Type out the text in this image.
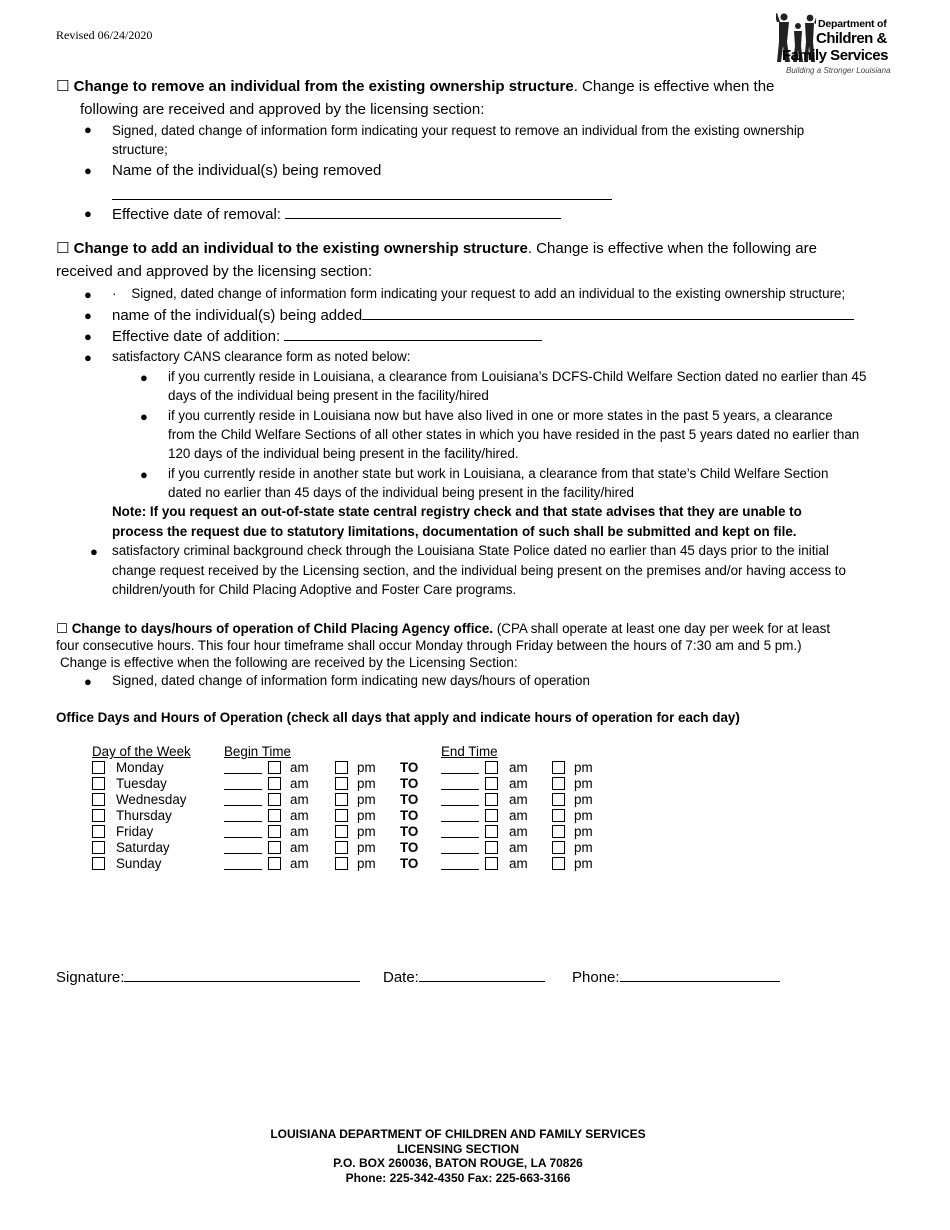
Revised 06/24/2020
Department of
Children &
Family Services
Building a Stronger Louisiana
☐ Change to remove an individual from the existing ownership structure. Change is effective when the
following are received and approved by the licensing section:
● Signed, dated change of information form indicating your request to remove an individual from the existing ownership
structure;
● Name of the individual(s) being removed
● Effective date of removal:
☐ Change to add an individual to the existing ownership structure. Change is effective when the following are
received and approved by the licensing section:
● · Signed, dated change of information form indicating your request to add an individual to the existing ownership structure;
● name of the individual(s) being added
● Effective date of addition:
● satisfactory CANS clearance form as noted below:
● if you currently reside in Louisiana, a clearance from Louisiana’s DCFS-Child Welfare Section dated no earlier than 45
days of the individual being present in the facility/hired
● if you currently reside in Louisiana now but have also lived in one or more states in the past 5 years, a clearance
from the Child Welfare Sections of all other states in which you have resided in the past 5 years dated no earlier than
120 days of the individual being present in the facility/hired.
● if you currently reside in another state but work in Louisiana, a clearance from that state’s Child Welfare Section
dated no earlier than 45 days of the individual being present in the facility/hired
Note: If you request an out-of-state state central registry check and that state advises that they are unable to
process the request due to statutory limitations, documentation of such shall be submitted and kept on file.
● satisfactory criminal background check through the Louisiana State Police dated no earlier than 45 days prior to the initial
change request received by the Licensing section, and the individual being present on the premises and/or having access to
children/youth for Child Placing Adoptive and Foster Care programs.
☐ Change to days/hours of operation of Child Placing Agency office. (CPA shall operate at least one day per week for at least
four consecutive hours. This four hour timeframe shall occur Monday through Friday between the hours of 7:30 am and 5 pm.)
Change is effective when the following are received by the Licensing Section:
● Signed, dated change of information form indicating new days/hours of operation
Office Days and Hours of Operation (check all days that apply and indicate hours of operation for each day)
Day of the Week Begin Time	End Time
Monday	am	pm TO	am	pm
Tuesday	am	pm TO	am	pm
Wednesday	am	pm TO	am	pm
Thursday	am	pm TO	am	pm
Friday	am	pm TO	am	pm
Saturday	am	pm TO	am	pm
Sunday	am	pm TO	am	pm
Signature:	Date:	Phone:
LOUISIANA DEPARTMENT OF CHILDREN AND FAMILY SERVICES
LICENSING SECTION
P.O. BOX 260036, BATON ROUGE, LA 70826
Phone: 225-342-4350 Fax: 225-663-3166
